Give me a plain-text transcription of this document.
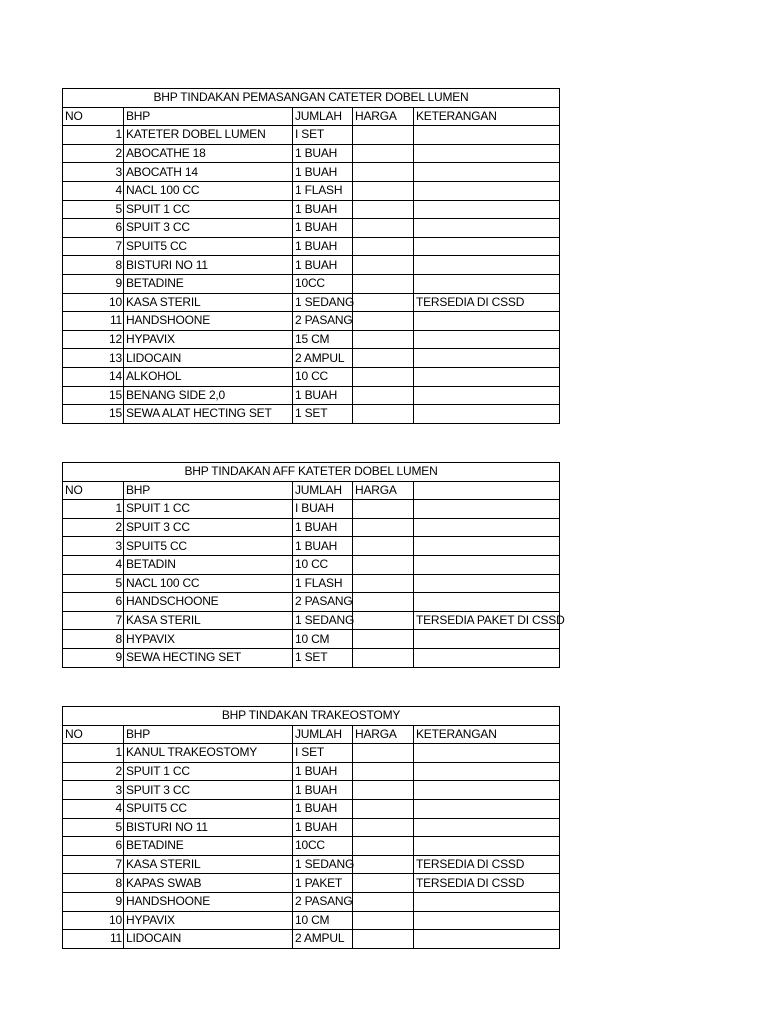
BHP TINDAKAN PEMASANGAN CATETER DOBEL LUMEN				
NO	BHP	JUMLAH	HARGA	KETERANGAN
1	KATETER DOBEL LUMEN	I SET		
2	ABOCATHE 18	1 BUAH		
3	ABOCATH 14	1 BUAH		
4	NACL 100 CC	1 FLASH		
5	SPUIT 1 CC	1 BUAH		
6	SPUIT 3 CC	1 BUAH		
7	SPUIT5 CC	1 BUAH		
8	BISTURI NO 11	1 BUAH		
9	BETADINE	10CC		
10	KASA STERIL	1 SEDANG		TERSEDIA DI CSSD
11	HANDSHOONE	2 PASANG		
12	HYPAVIX	15 CM		
13	LIDOCAIN	2 AMPUL		
14	ALKOHOL	10 CC		
15	BENANG SIDE 2,0	1 BUAH		
15	SEWA ALAT HECTING SET	1 SET		
BHP TINDAKAN AFF KATETER DOBEL LUMEN				
NO	BHP	JUMLAH	HARGA	
1	SPUIT 1 CC	I BUAH		
2	SPUIT 3 CC	1 BUAH		
3	SPUIT5 CC	1 BUAH		
4	BETADIN	10 CC		
5	NACL 100 CC	1 FLASH		
6	HANDSCHOONE	2 PASANG		
7	KASA STERIL	1 SEDANG		TERSEDIA PAKET DI CSSD
8	HYPAVIX	10 CM		
9	SEWA HECTING SET	1 SET		
BHP TINDAKAN TRAKEOSTOMY				
NO	BHP	JUMLAH	HARGA	KETERANGAN
1	KANUL TRAKEOSTOMY	I SET		
2	SPUIT 1 CC	1 BUAH		
3	SPUIT 3 CC	1 BUAH		
4	SPUIT5 CC	1 BUAH		
5	BISTURI NO 11	1 BUAH		
6	BETADINE	10CC		
7	KASA STERIL	1 SEDANG		TERSEDIA DI CSSD
8	KAPAS SWAB	1 PAKET		TERSEDIA DI CSSD
9	HANDSHOONE	2 PASANG		
10	HYPAVIX	10 CM		
11	LIDOCAIN	2 AMPUL		
